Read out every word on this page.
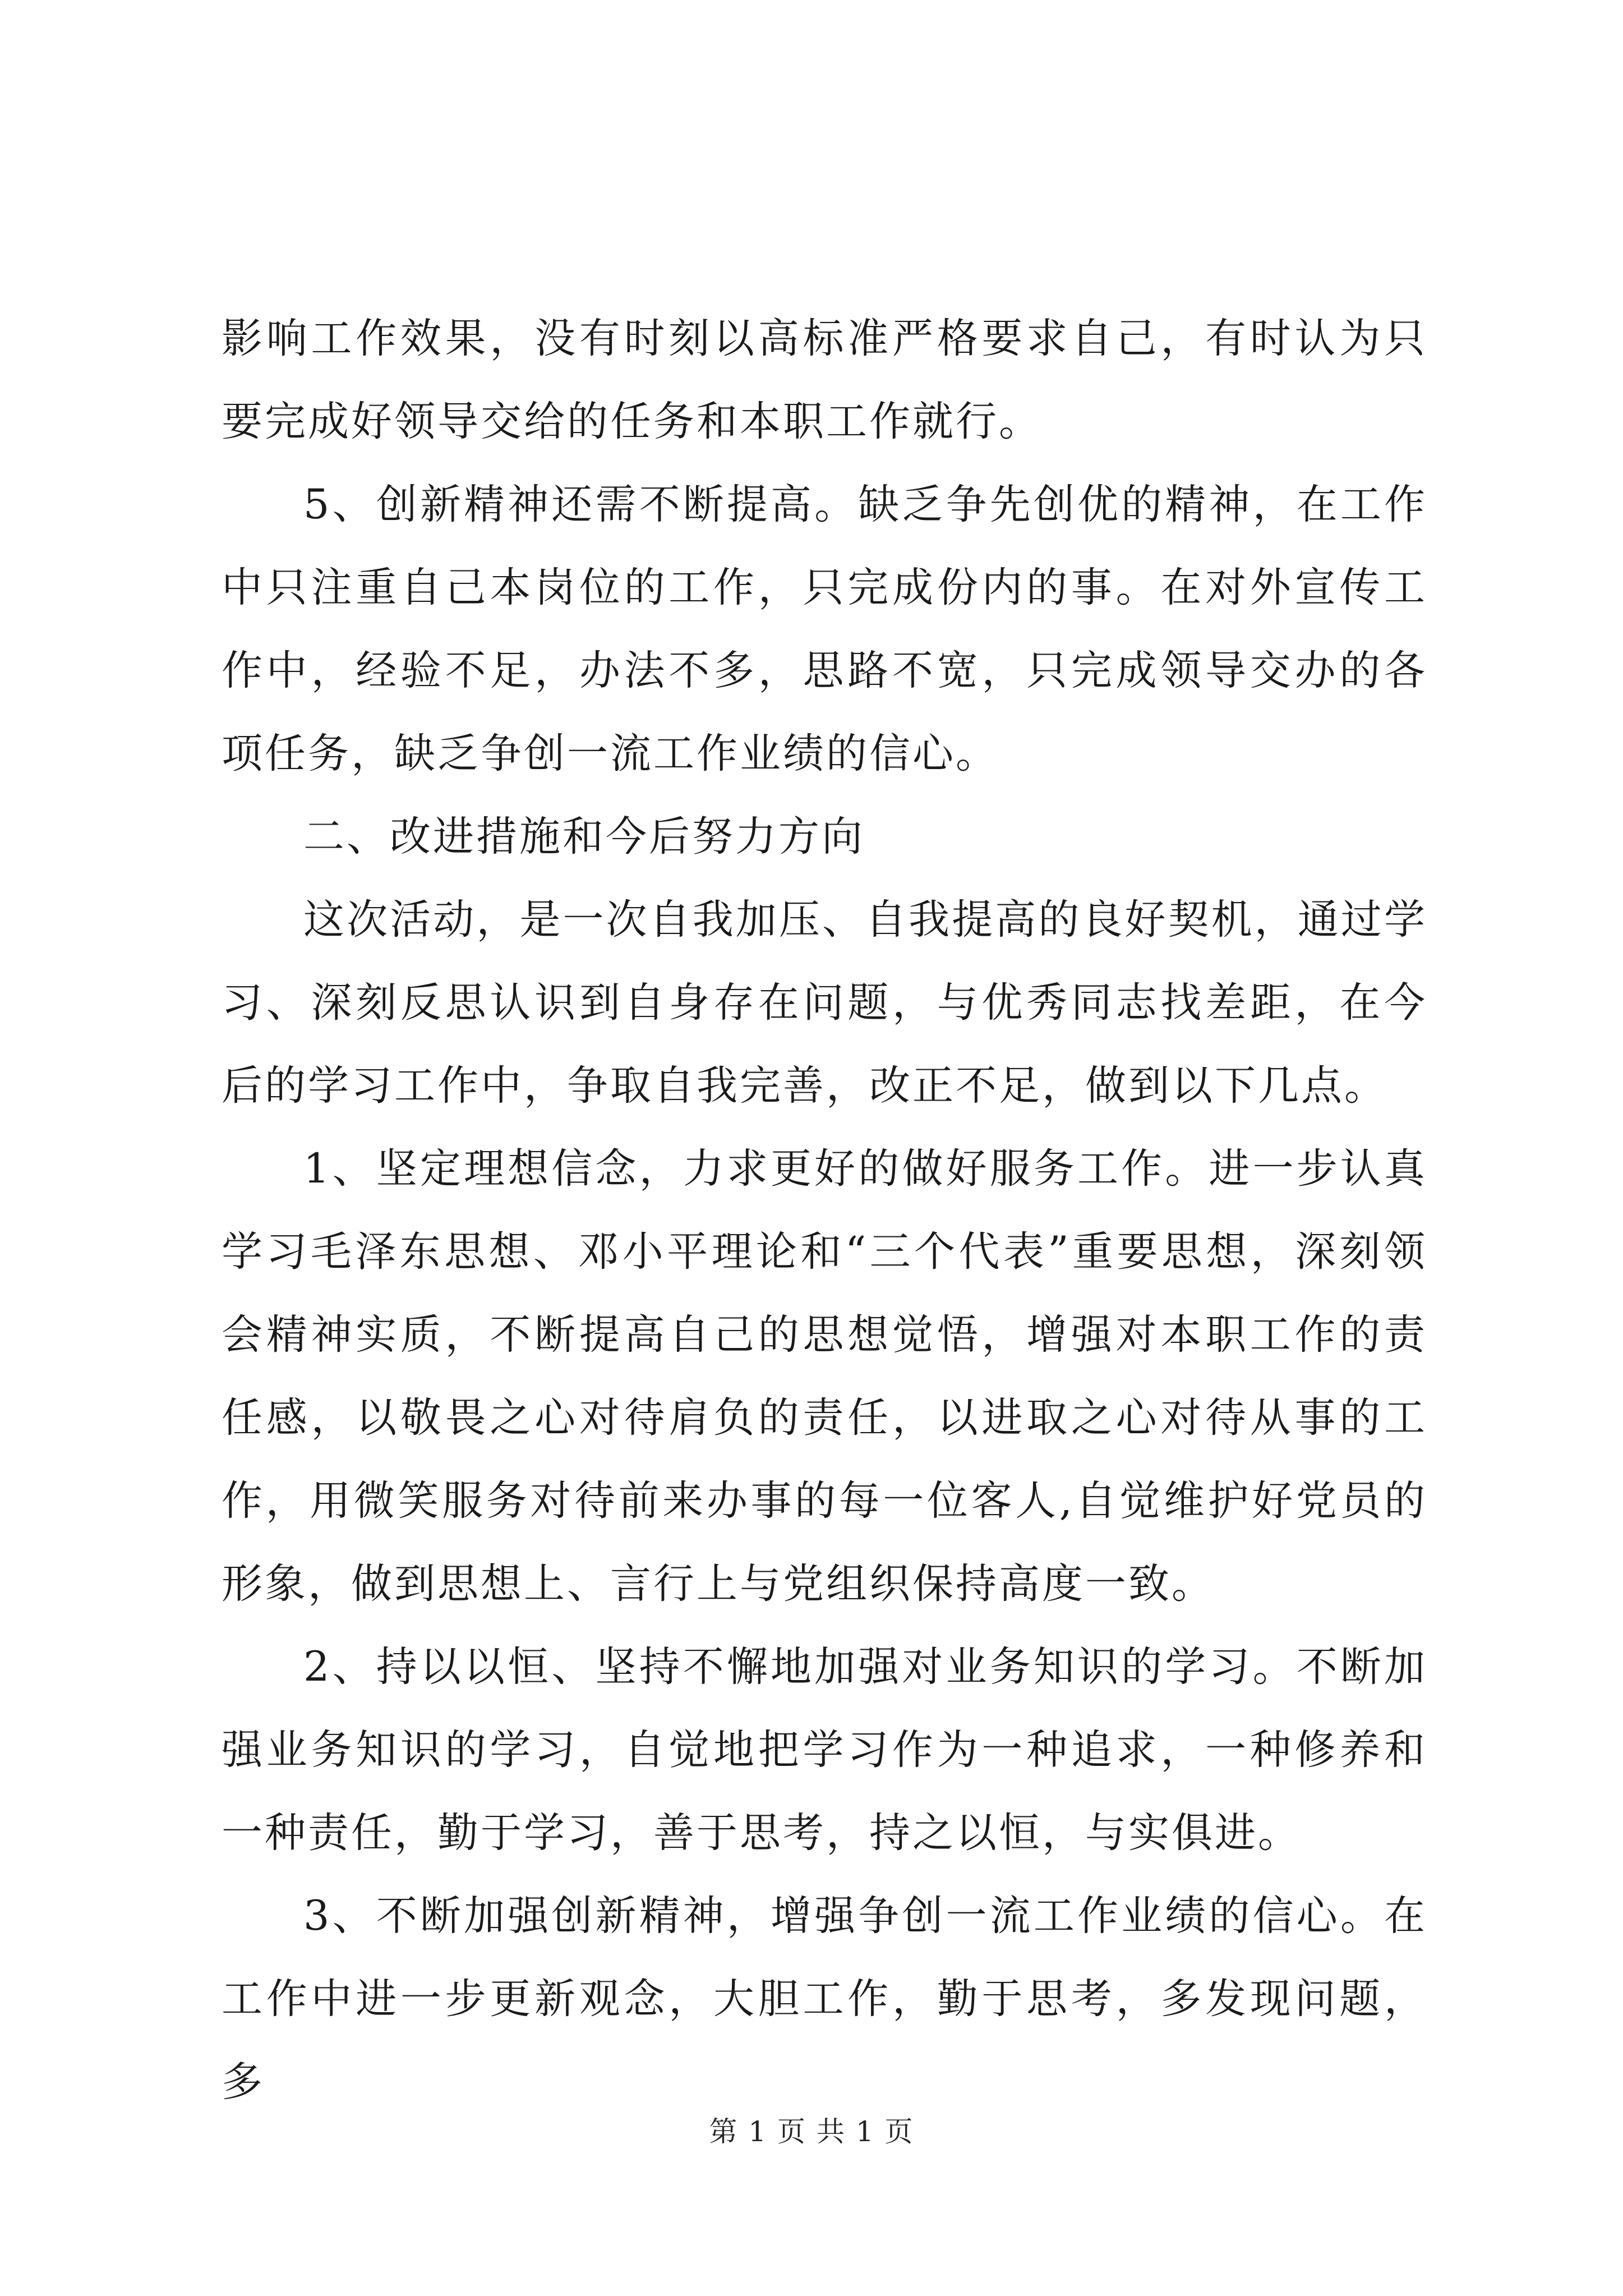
影响工作效果，没有时刻以高标准严格要求自己，有时认为只要完成好领导交给的任务和本职工作就行。

5、创新精神还需不断提高。缺乏争先创优的精神，在工作中只注重自己本岗位的工作，只完成份内的事。在对外宣传工作中，经验不足，办法不多，思路不宽，只完成领导交办的各项任务，缺乏争创一流工作业绩的信心。

二、改进措施和今后努力方向

这次活动，是一次自我加压、自我提高的良好契机，通过学习、深刻反思认识到自身存在问题，与优秀同志找差距，在今后的学习工作中，争取自我完善，改正不足，做到以下几点。

1、坚定理想信念，力求更好的做好服务工作。进一步认真学习毛泽东思想、邓小平理论和“三个代表”重要思想，深刻领会精神实质，不断提高自己的思想觉悟，增强对本职工作的责任感，以敬畏之心对待肩负的责任，以进取之心对待从事的工作，用微笑服务对待前来办事的每一位客人,自觉维护好党员的形象，做到思想上、言行上与党组织保持高度一致。

2、持以以恒、坚持不懈地加强对业务知识的学习。不断加强业务知识的学习，自觉地把学习作为一种追求，一种修养和一种责任，勤于学习，善于思考，持之以恒，与实俱进。

3、不断加强创新精神，增强争创一流工作业绩的信心。在工作中进一步更新观念，大胆工作，勤于思考，多发现问题，多

第 1 页 共 1 页
